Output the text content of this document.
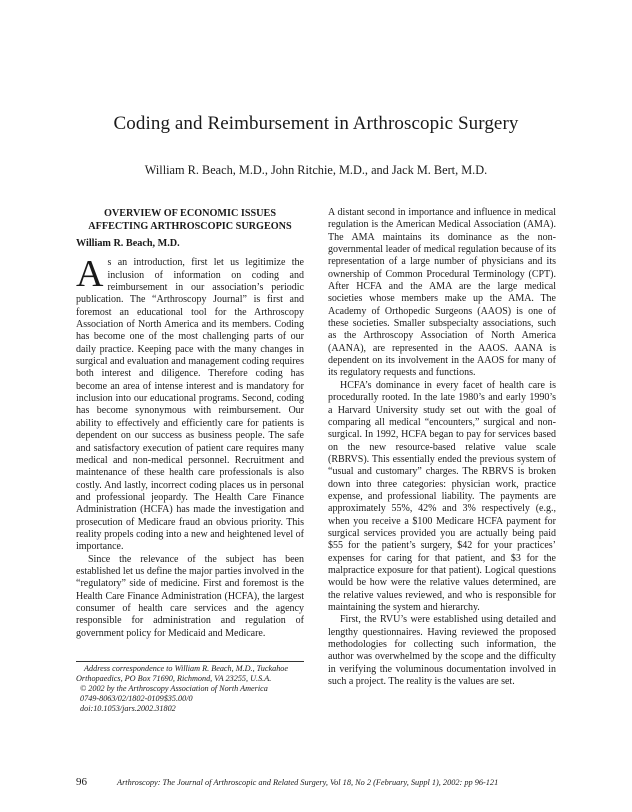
Coding and Reimbursement in Arthroscopic Surgery
William R. Beach, M.D., John Ritchie, M.D., and Jack M. Bert, M.D.
OVERVIEW OF ECONOMIC ISSUES
AFFECTING ARTHROSCOPIC SURGEONS
William R. Beach, M.D.

As an introduction, first let us legitimize the inclusion of information on coding and reimbursement in our association’s periodic publication. The “Arthroscopy Journal” is first and foremost an educational tool for the Arthroscopy Association of North America and its members. Coding has become one of the most challenging parts of our daily practice. Keeping pace with the many changes in surgical and evaluation and management coding requires both interest and diligence. Therefore coding has become an area of intense interest and is mandatory for inclusion into our educational programs. Second, coding has become synonymous with reimbursement. Our ability to effectively and efficiently care for patients is dependent on our success as business people. The safe and satisfactory execution of patient care requires many medical and non-medical personnel. Recruitment and maintenance of these health care professionals is also costly. And lastly, incorrect coding places us in personal and professional jeopardy. The Health Care Finance Administration (HCFA) has made the investigation and prosecution of Medicare fraud an obvious priority. This reality propels coding into a new and heightened level of importance.

Since the relevance of the subject has been established let us define the major parties involved in the “regulatory” side of medicine. First and foremost is the Health Care Finance Administration (HCFA), the largest consumer of health care services and the agency responsible for administration and regulation of government policy for Medicaid and Medicare.

A distant second in importance and influence in medical regulation is the American Medical Association (AMA). The AMA maintains its dominance as the non-governmental leader of medical regulation because of its representation of a large number of physicians and its ownership of Common Procedural Terminology (CPT). After HCFA and the AMA are the large medical societies whose members make up the AMA. The Academy of Orthopedic Surgeons (AAOS) is one of these societies. Smaller subspecialty associations, such as the Arthroscopy Association of North America (AANA), are represented in the AAOS. AANA is dependent on its involvement in the AAOS for many of its regulatory requests and functions.

HCFA’s dominance in every facet of health care is procedurally rooted. In the late 1980’s and early 1990’s a Harvard University study set out with the goal of comparing all medical “encounters,” surgical and non-surgical. In 1992, HCFA began to pay for services based on the new resource-based relative value scale (RBRVS). This essentially ended the previous system of “usual and customary” charges. The RBRVS is broken down into three categories: physician work, practice expense, and professional liability. The payments are approximately 55%, 42% and 3% respectively (e.g., when you receive a $100 Medicare HCFA payment for surgical services provided you are actually being paid $55 for the patient’s surgery, $42 for your practices’ expenses for caring for that patient, and $3 for the malpractice exposure for that patient). Logical questions would be how were the relative values determined, are the relative values reviewed, and who is responsible for maintaining the system and hierarchy.

First, the RVU’s were established using detailed and lengthy questionnaires. Having reviewed the proposed methodologies for collecting such information, the author was overwhelmed by the scope and the difficulty in verifying the voluminous documentation involved in such a project. The reality is the values are set.

Address correspondence to William R. Beach, M.D., Tuckahoe Orthopaedics, PO Box 71690, Richmond, VA 23255, U.S.A.
© 2002 by the Arthroscopy Association of North America
0749-8063/02/1802-0109$35.00/0
doi:10.1053/jars.2002.31802
96	Arthroscopy: The Journal of Arthroscopic and Related Surgery, Vol 18, No 2 (February, Suppl 1), 2002: pp 96-121
